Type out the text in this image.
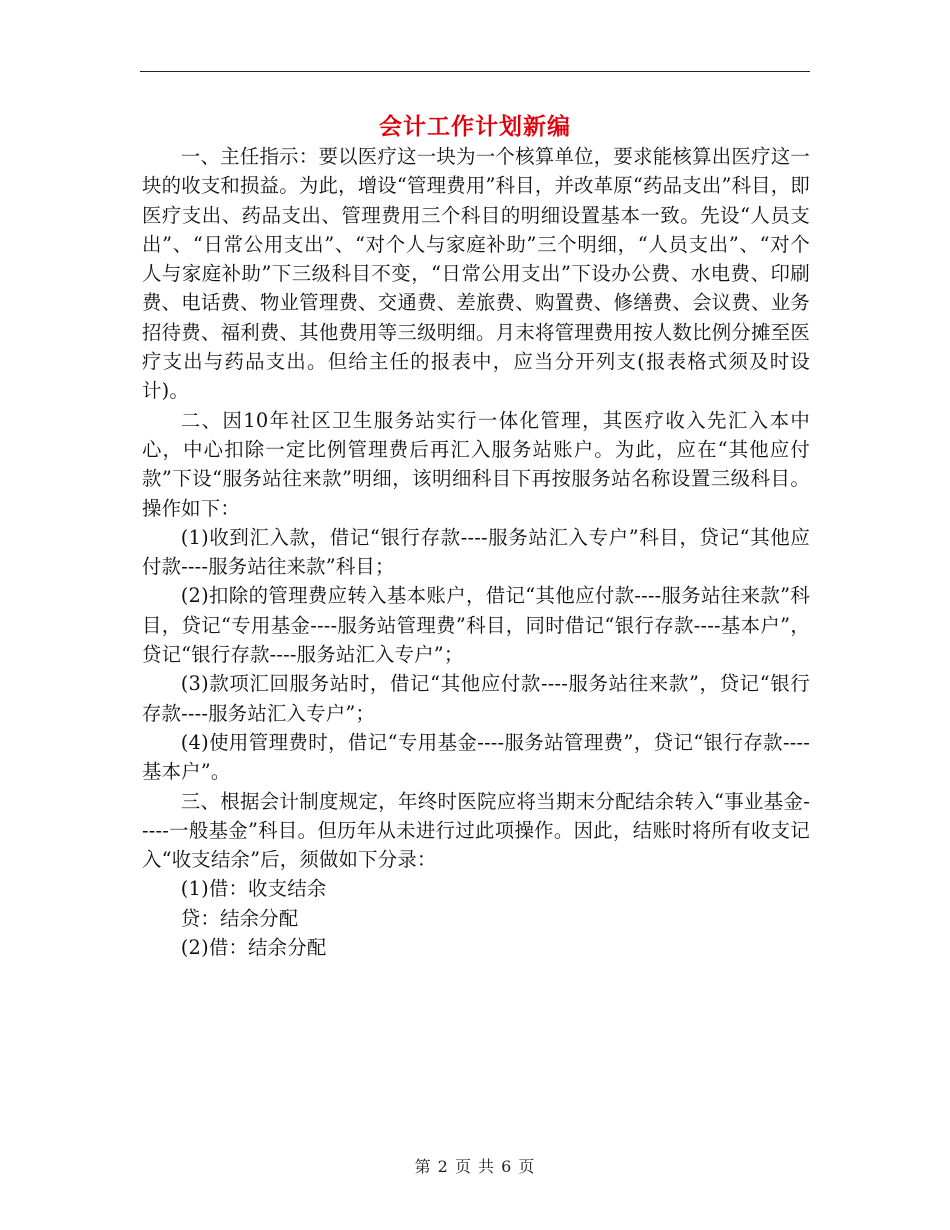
会计工作计划新编

一、主任指示：要以医疗这一块为一个核算单位，要求能核算出医疗这一块的收支和损益。为此，增设“管理费用”科目，并改革原“药品支出”科目，即医疗支出、药品支出、管理费用三个科目的明细设置基本一致。先设“人员支出”、“日常公用支出”、“对个人与家庭补助”三个明细，“人员支出”、“对个人与家庭补助”下三级科目不变，“日常公用支出”下设办公费、水电费、印刷费、电话费、物业管理费、交通费、差旅费、购置费、修缮费、会议费、业务招待费、福利费、其他费用等三级明细。月末将管理费用按人数比例分摊至医疗支出与药品支出。但给主任的报表中，应当分开列支(报表格式须及时设计)。

二、因10年社区卫生服务站实行一体化管理，其医疗收入先汇入本中心，中心扣除一定比例管理费后再汇入服务站账户。为此，应在“其他应付款”下设“服务站往来款”明细，该明细科目下再按服务站名称设置三级科目。操作如下：

(1)收到汇入款，借记“银行存款----服务站汇入专户”科目，贷记“其他应付款----服务站往来款”科目；

(2)扣除的管理费应转入基本账户，借记“其他应付款----服务站往来款”科目，贷记“专用基金----服务站管理费”科目，同时借记“银行存款----基本户”，贷记“银行存款----服务站汇入专户”；

(3)款项汇回服务站时，借记“其他应付款----服务站往来款”，贷记“银行存款----服务站汇入专户”；

(4)使用管理费时，借记“专用基金----服务站管理费”，贷记“银行存款----基本户”。

三、根据会计制度规定，年终时医院应将当期末分配结余转入“事业基金-----一般基金”科目。但历年从未进行过此项操作。因此，结账时将所有收支记入“收支结余”后，须做如下分录：

(1)借：收支结余

贷：结余分配

(2)借：结余分配

第 2 页 共 6 页
